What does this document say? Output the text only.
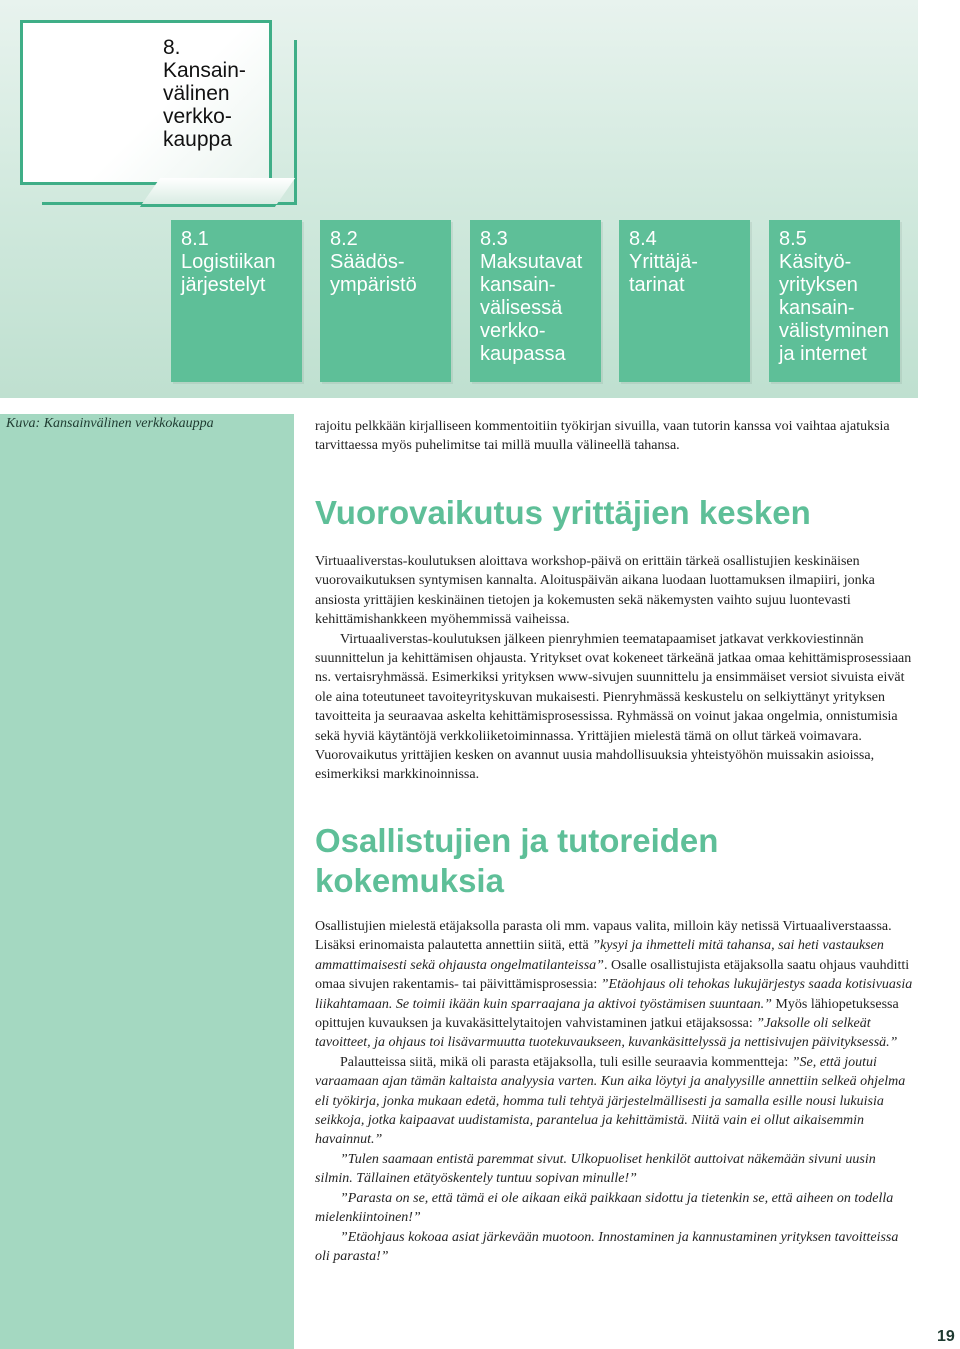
8.
Kansain-
välinen
verkko-
kauppa
8.1
Logistiikan
järjestelyt
8.2
Säädös-
ympäristö
8.3
Maksutavat
kansain-
välisessä
verkko-
kaupassa
8.4
Yrittäjä-
tarinat
8.5
Käsityö-
yrityksen
kansain-
välistyminen
ja internet
Kuva: Kansainvälinen verkkokauppa	rajoitu pelkkään kirjalliseen kommentoitiin työkirjan sivuilla, vaan tutorin kanssa voi vaihtaa ajatuksia tarvittaessa myös puhelimitse tai millä muulla välineellä tahansa.

Vuorovaikutus yrittäjien kesken

Virtuaaliverstas-koulutuksen aloittava workshop-päivä on erittäin tärkeä osallistujien keskinäisen vuorovaikutuksen syntymisen kannalta. Aloituspäivän aikana luodaan luottamuksen ilmapiiri, jonka ansiosta yrittäjien keskinäinen tietojen ja kokemusten sekä näkemysten vaihto sujuu luontevasti kehittämishankkeen myöhemmissä vaiheissa.

Virtuaaliverstas-koulutuksen jälkeen pienryhmien teematapaamiset jatkavat verkkoviestinnän suunnittelun ja kehittämisen ohjausta. Yritykset ovat kokeneet tärkeänä jatkaa omaa kehittämisprosessiaan ns. vertaisryhmässä. Esimerkiksi yrityksen www-sivujen suunnittelu ja ensimmäiset versiot sivuista eivät ole aina toteutuneet tavoiteyrityskuvan mukaisesti. Pienryhmässä keskustelu on selkiyttänyt yrityksen tavoitteita ja seuraavaa askelta kehittämisprosessissa. Ryhmässä on voinut jakaa ongelmia, onnistumisia sekä hyviä käytäntöjä verkkoliiketoiminnassa. Yrittäjien mielestä tämä on ollut tärkeä voimavara. Vuorovaikutus yrittäjien kesken on avannut uusia mahdollisuuksia yhteistyöhön muissakin asioissa, esimerkiksi markkinoinnissa.

Osallistujien ja tutoreiden kokemuksia

Osallistujien mielestä etäjaksolla parasta oli mm. vapaus valita, milloin käy netissä Virtuaaliverstaassa. Lisäksi erinomaista palautetta annettiin siitä, että ”kysyi ja ihmetteli mitä tahansa, sai heti vastauksen ammattimaisesti sekä ohjausta ongelmatilanteissa”. Osalle osallistujista etäjaksolla saatu ohjaus vauhditti omaa sivujen rakentamis- tai päivittämisprosessia: ”Etäohjaus oli tehokas lukujärjestys saada kotisivuasia liikahtamaan. Se toimii ikään kuin sparraajana ja aktivoi työstämisen suuntaan.” Myös lähiopetuksessa opittujen kuvauksen ja kuvakäsittelytaitojen vahvistaminen jatkui etäjaksossa: ”Jaksolle oli selkeät tavoitteet, ja ohjaus toi lisävarmuutta tuotekuvaukseen, kuvankäsittelyssä ja nettisivujen päivityksessä.”

Palautteissa siitä, mikä oli parasta etäjaksolla, tuli esille seuraavia kommentteja: ”Se, että joutui varaamaan ajan tämän kaltaista analyysia varten. Kun aika löytyi ja analyysille annettiin selkeä ohjelma eli työkirja, jonka mukaan edetä, homma tuli tehtyä järjestelmällisesti ja samalla esille nousi lukuisia seikkoja, jotka kaipaavat uudistamista, parantelua ja kehittämistä. Niitä vain ei ollut aikaisemmin havainnut.”

”Tulen saamaan entistä paremmat sivut. Ulkopuoliset henkilöt auttoivat näkemään sivuni uusin silmin. Tällainen etätyöskentely tuntuu sopivan minulle!”

”Parasta on se, että tämä ei ole aikaan eikä paikkaan sidottu ja tietenkin se, että aiheen on todella mielenkiintoinen!”

”Etäohjaus kokoaa asiat järkevään muotoon. Innostaminen ja kannustaminen yrityksen tavoitteissa oli parasta!”

19
